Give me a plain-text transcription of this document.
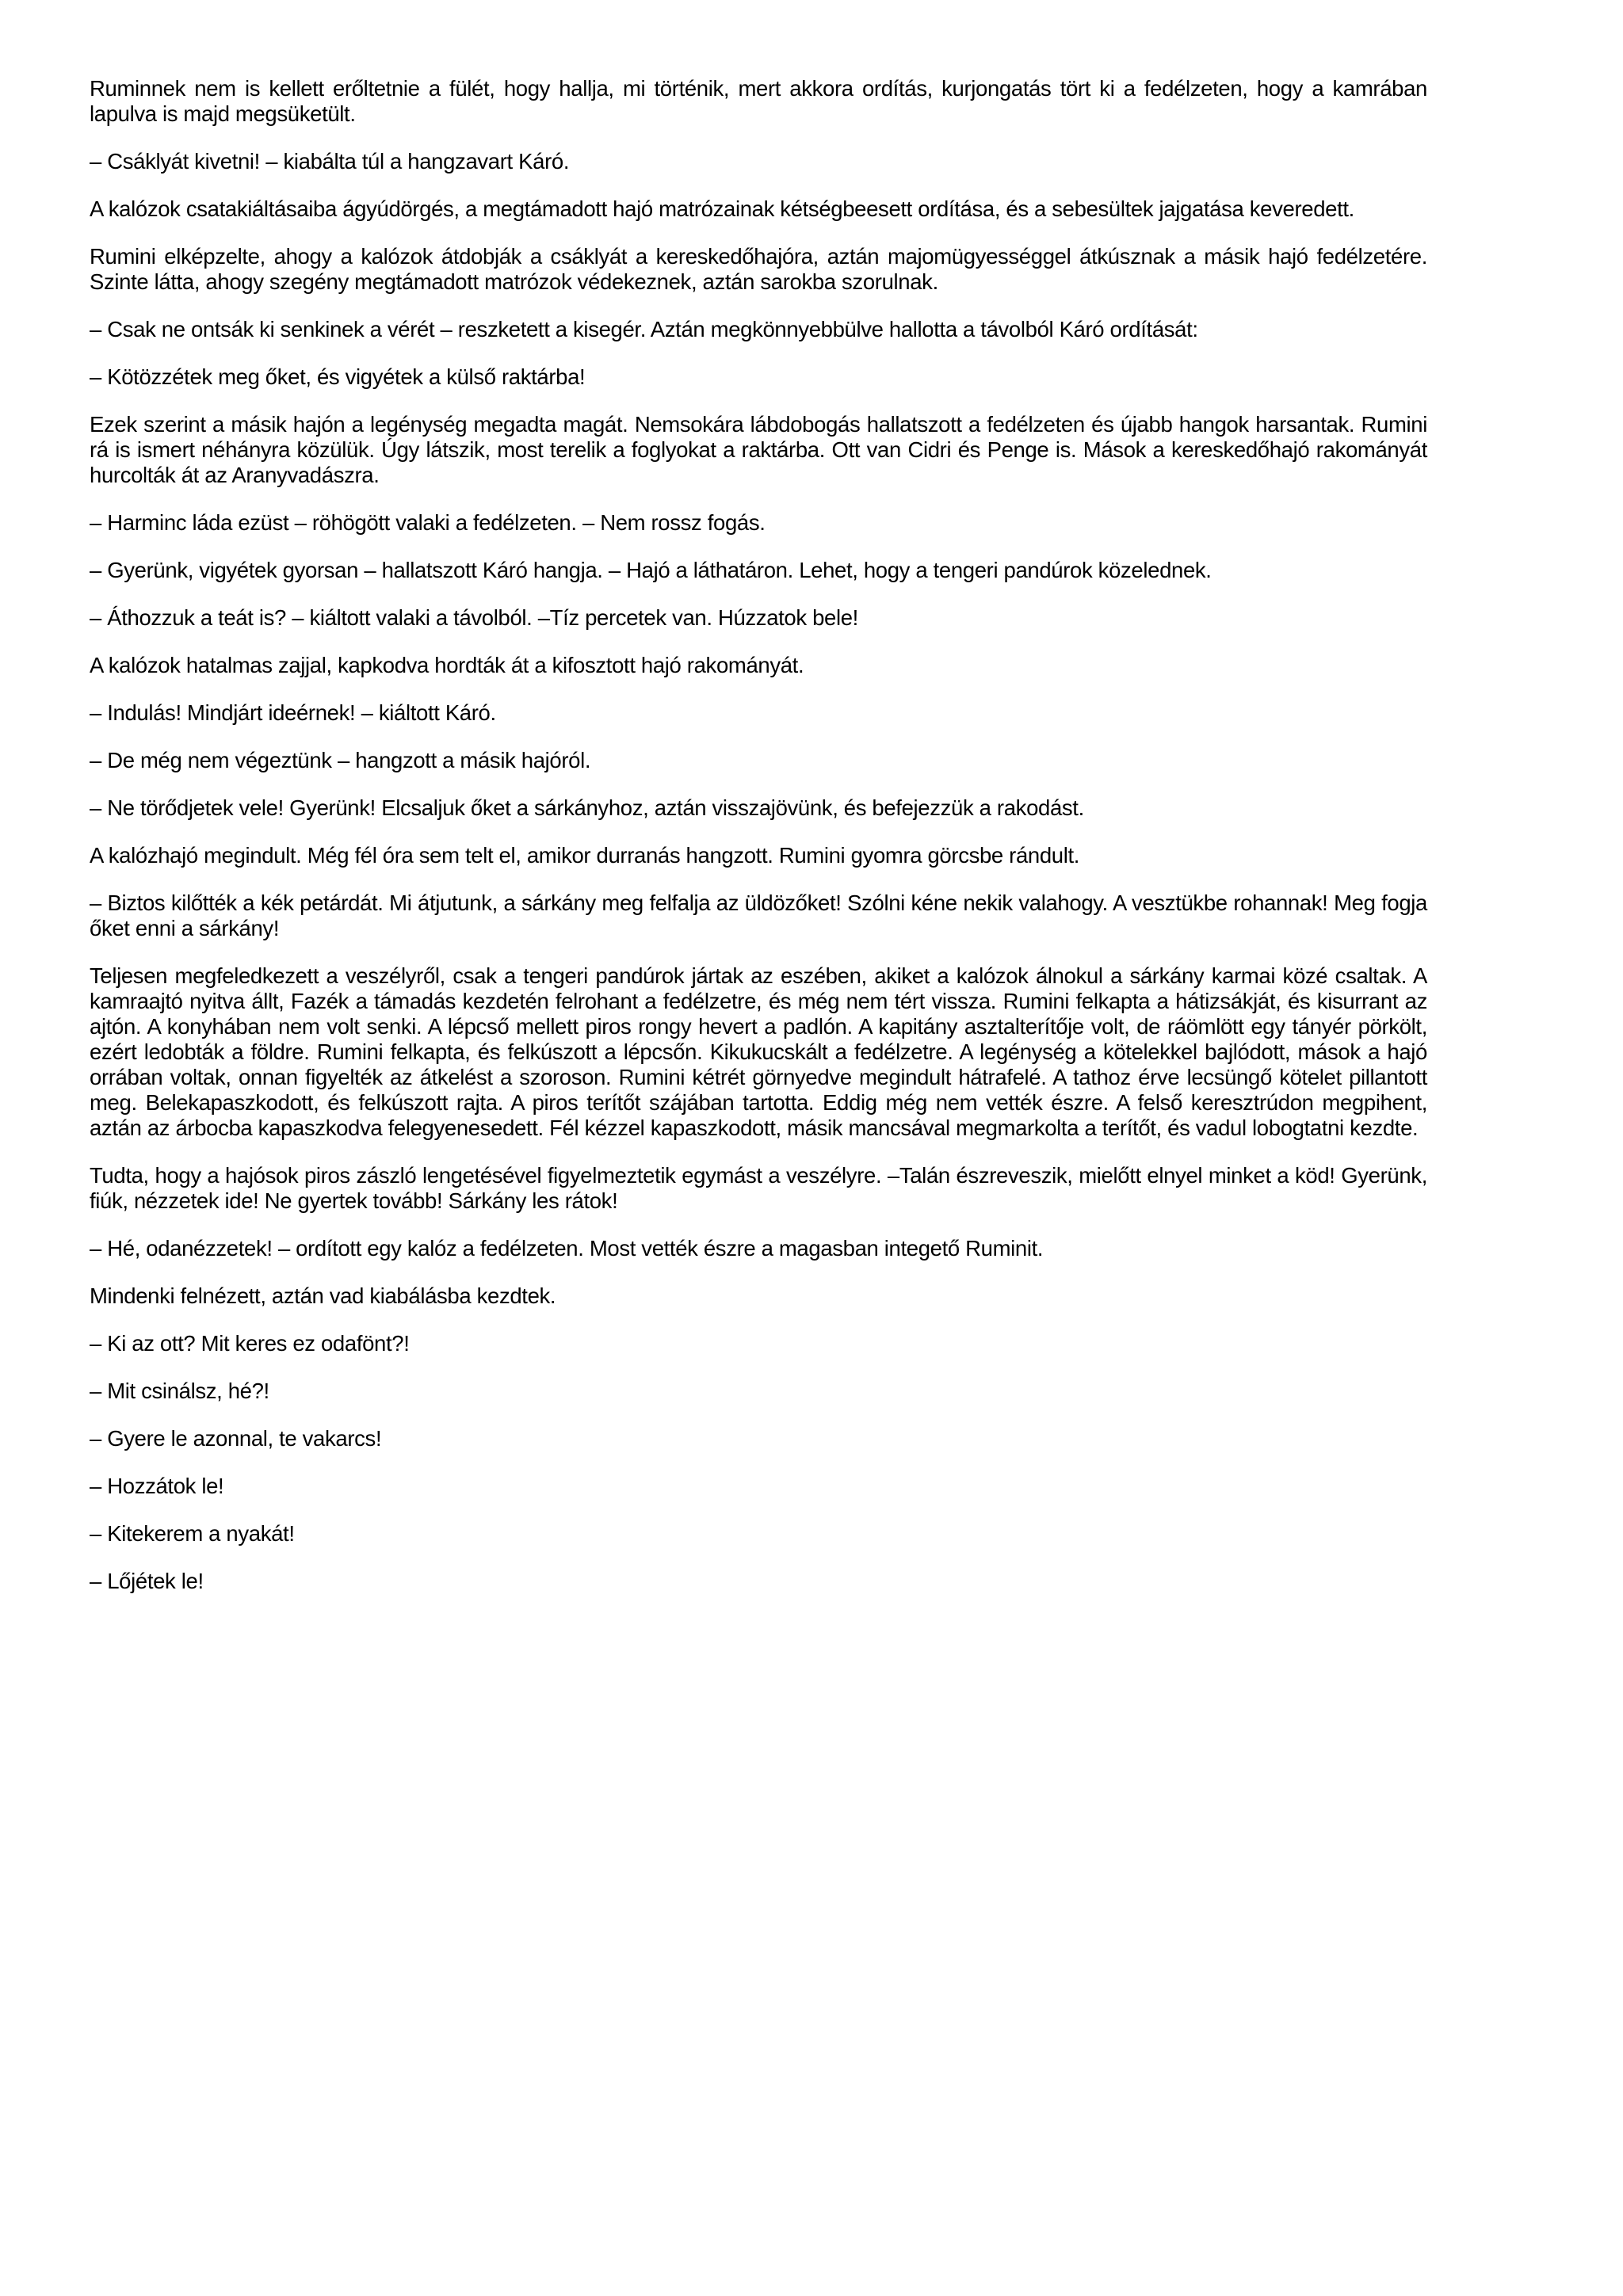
Ruminnek nem is kellett erőltetnie a fülét, hogy hallja, mi történik, mert akkora ordítás, kurjongatás tört ki a fedélzeten, hogy a kamrában lapulva is majd megsüketült.

– Csáklyát kivetni! – kiabálta túl a hangzavart Káró.

A kalózok csatakiáltásaiba ágyúdörgés, a megtámadott hajó matrózainak kétségbeesett ordítása, és a sebesültek jajgatása keveredett.

Rumini elképzelte, ahogy a kalózok átdobják a csáklyát a kereskedőhajóra, aztán majomügyességgel átkúsznak a másik hajó fedélzetére. Szinte látta, ahogy szegény megtámadott matrózok védekeznek, aztán sarokba szorulnak.

– Csak ne ontsák ki senkinek a vérét – reszketett a kisegér. Aztán megkönnyebbülve hallotta a távolból Káró ordítását:

– Kötözzétek meg őket, és vigyétek a külső raktárba!

Ezek szerint a másik hajón a legénység megadta magát. Nemsokára lábdobogás hallatszott a fedélzeten és újabb hangok harsantak. Rumini rá is ismert néhányra közülük. Úgy látszik, most terelik a foglyokat a raktárba. Ott van Cidri és Penge is. Mások a kereskedőhajó rakományát hurcolták át az Aranyvadászra.

– Harminc láda ezüst – röhögött valaki a fedélzeten. – Nem rossz fogás.

– Gyerünk, vigyétek gyorsan – hallatszott Káró hangja. – Hajó a láthatáron. Lehet, hogy a tengeri pandúrok közelednek.

– Áthozzuk a teát is? – kiáltott valaki a távolból. –Tíz percetek van. Húzzatok bele!

A kalózok hatalmas zajjal, kapkodva hordták át a kifosztott hajó rakományát.

– Indulás! Mindjárt ideérnek! – kiáltott Káró.

– De még nem végeztünk – hangzott a másik hajóról.

– Ne törődjetek vele! Gyerünk! Elcsaljuk őket a sárkányhoz, aztán visszajövünk, és befejezzük a rakodást.

A kalózhajó megindult. Még fél óra sem telt el, amikor durranás hangzott. Rumini gyomra görcsbe rándult.

– Biztos kilőtték a kék petárdát. Mi átjutunk, a sárkány meg felfalja az üldözőket! Szólni kéne nekik valahogy. A vesztükbe rohannak! Meg fogja őket enni a sárkány!

Teljesen megfeledkezett a veszélyről, csak a tengeri pandúrok jártak az eszében, akiket a kalózok álnokul a sárkány karmai közé csaltak. A kamraajtó nyitva állt, Fazék a támadás kezdetén felrohant a fedélzetre, és még nem tért vissza. Rumini felkapta a hátizsákját, és kisurrant az ajtón. A konyhában nem volt senki. A lépcső mellett piros rongy hevert a padlón. A kapitány asztalterítője volt, de ráömlött egy tányér pörkölt, ezért ledobták a földre. Rumini felkapta, és felkúszott a lépcsőn. Kikukucskált a fedélzetre. A legénység a kötelekkel bajlódott, mások a hajó orrában voltak, onnan figyelték az átkelést a szoroson. Rumini kétrét görnyedve megindult hátrafelé. A tathoz érve lecsüngő kötelet pillantott meg. Belekapaszkodott, és felkúszott rajta. A piros terítőt szájában tartotta. Eddig még nem vették észre. A felső keresztrúdon megpihent, aztán az árbocba kapaszkodva felegyenesedett. Fél kézzel kapaszkodott, másik mancsával megmarkolta a terítőt, és vadul lobogtatni kezdte.

Tudta, hogy a hajósok piros zászló lengetésével figyelmeztetik egymást a veszélyre. –Talán észreveszik, mielőtt elnyel minket a köd! Gyerünk, fiúk, nézzetek ide! Ne gyertek tovább! Sárkány les rátok!

– Hé, odanézzetek! – ordított egy kalóz a fedélzeten. Most vették észre a magasban integető Ruminit.

Mindenki felnézett, aztán vad kiabálásba kezdtek.

– Ki az ott? Mit keres ez odafönt?!

– Mit csinálsz, hé?!

– Gyere le azonnal, te vakarcs!

– Hozzátok le!

– Kitekerem a nyakát!

– Lőjétek le!
